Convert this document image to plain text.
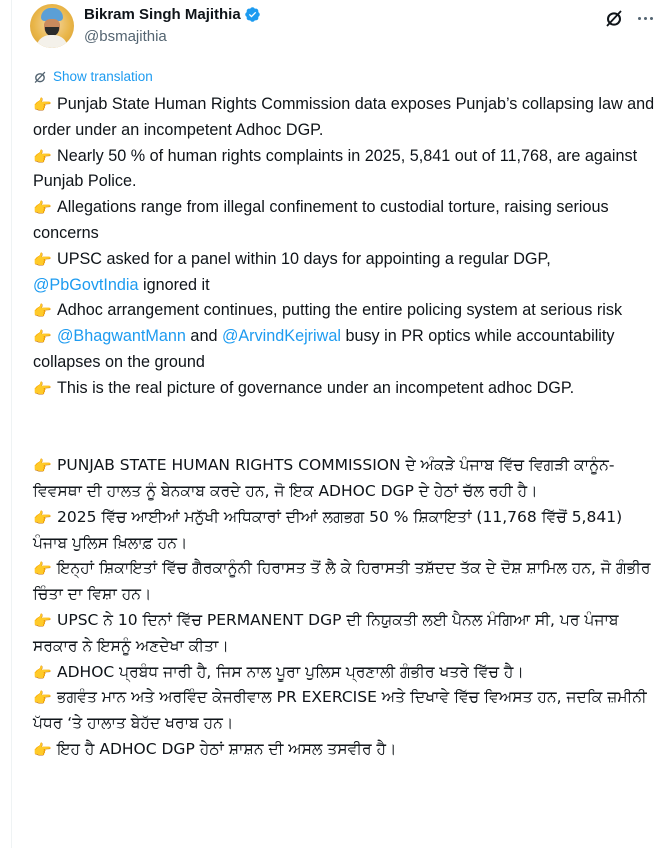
Bikram Singh Majithia
@bsmajithia
Show translation

👉 Punjab State Human Rights Commission data exposes Punjab’s collapsing law and order under an incompetent Adhoc DGP.

👉 Nearly 50 % of human rights complaints in 2025, 5,841 out of 11,768, are against Punjab Police.

👉 Allegations range from illegal confinement to custodial torture, raising serious concerns

👉 UPSC asked for a panel within 10 days for appointing a regular DGP, @PbGovtIndia ignored it

👉 Adhoc arrangement continues, putting the entire policing system at serious risk

👉 @BhagwantMann and @ArvindKejriwal busy in PR optics while accountability collapses on the ground

👉 This is the real picture of governance under an incompetent adhoc DGP.

👉 PUNJAB STATE HUMAN RIGHTS COMMISSION ਦੇ ਅੰਕੜੇ ਪੰਜਾਬ ਵਿੱਚ ਵਿਗੜੀ ਕਾਨੂੰਨ-ਵਿਵਸਥਾ ਦੀ ਹਾਲਤ ਨੂੰ ਬੇਨਕਾਬ ਕਰਦੇ ਹਨ, ਜੋ ਇਕ ADHOC DGP ਦੇ ਹੇਠਾਂ ਚੱਲ ਰਹੀ ਹੈ।

👉 2025 ਵਿੱਚ ਆਈਆਂ ਮਨੁੱਖੀ ਅਧਿਕਾਰਾਂ ਦੀਆਂ ਲਗਭਗ 50 % ਸ਼ਿਕਾਇਤਾਂ (11,768 ਵਿੱਚੋਂ 5,841) ਪੰਜਾਬ ਪੁਲਿਸ ਖ਼ਿਲਾਫ਼ ਹਨ।

👉 ਇਨ੍ਹਾਂ ਸ਼ਿਕਾਇਤਾਂ ਵਿੱਚ ਗੈਰਕਾਨੂੰਨੀ ਹਿਰਾਸਤ ਤੋਂ ਲੈ ਕੇ ਹਿਰਾਸਤੀ ਤਸ਼ੱਦਦ ਤੱਕ ਦੇ ਦੋਸ਼ ਸ਼ਾਮਿਲ ਹਨ, ਜੋ ਗੰਭੀਰ ਚਿੰਤਾ ਦਾ ਵਿਸ਼ਾ ਹਨ।

👉 UPSC ਨੇ 10 ਦਿਨਾਂ ਵਿੱਚ PERMANENT DGP ਦੀ ਨਿਯੁਕਤੀ ਲਈ ਪੈਨਲ ਮੰਗਿਆ ਸੀ, ਪਰ ਪੰਜਾਬ ਸਰਕਾਰ ਨੇ ਇਸਨੂੰ ਅਣਦੇਖਾ ਕੀਤਾ।

👉 ADHOC ਪ੍ਰਬੰਧ ਜਾਰੀ ਹੈ, ਜਿਸ ਨਾਲ ਪੂਰਾ ਪੁਲਿਸ ਪ੍ਰਣਾਲੀ ਗੰਭੀਰ ਖਤਰੇ ਵਿੱਚ ਹੈ।

👉 ਭਗਵੰਤ ਮਾਨ ਅਤੇ ਅਰਵਿੰਦ ਕੇਜਰੀਵਾਲ PR EXERCISE ਅਤੇ ਦਿਖਾਵੇ ਵਿੱਚ ਵਿਅਸਤ ਹਨ, ਜਦਕਿ ਜ਼ਮੀਨੀ ਪੱਧਰ ‘ਤੇ ਹਾਲਾਤ ਬੇਹੱਦ ਖਰਾਬ ਹਨ।

👉 ਇਹ ਹੈ ADHOC DGP ਹੇਠਾਂ ਸ਼ਾਸ਼ਨ ਦੀ ਅਸਲ ਤਸਵੀਰ ਹੈ।
